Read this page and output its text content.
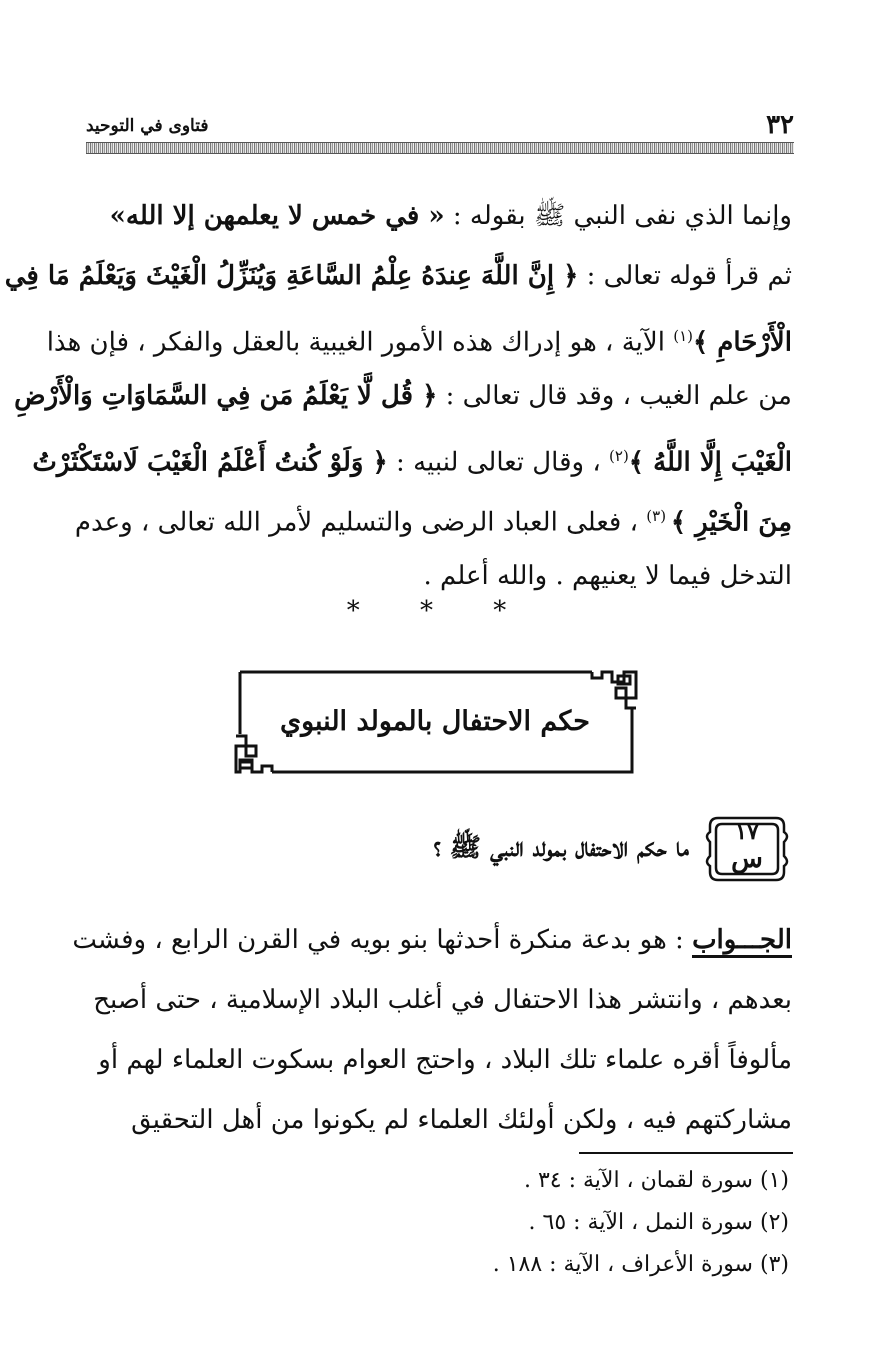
٣٢
فتاوى في التوحيد
وإنما الذي نفى النبي ﷺ بقوله : « في خمس لا يعلمهن إلا الله»
ثم قرأ قوله تعالى : ﴿ إِنَّ اللَّهَ عِندَهُ عِلْمُ السَّاعَةِ وَيُنَزِّلُ الْغَيْثَ وَيَعْلَمُ مَا فِي
الْأَرْحَامِ ﴾$^{(١)}$ الآية ، هو إدراك هذه الأمور الغيبية بالعقل والفكر ، فإن هذا
من علم الغيب ، وقد قال تعالى : ﴿ قُل لَّا يَعْلَمُ مَن فِي السَّمَاوَاتِ وَالْأَرْضِ
الْغَيْبَ إِلَّا اللَّهُ ﴾$^{(٢)}$ ، وقال تعالى لنبيه : ﴿ وَلَوْ كُنتُ أَعْلَمُ الْغَيْبَ لَاسْتَكْثَرْتُ
مِنَ الْخَيْرِ ﴾ $^{(٣)}$ ، فعلى العباد الرضى والتسليم لأمر الله تعالى ، وعدم
التدخل فيما لا يعنيهم . والله أعلم .
* * *
حكم الاحتفال بالمولد النبوي
١٧
س
ما حكم الاحتفال بمولد النبي ﷺ ؟
الجـــواب : هو بدعة منكرة أحدثها بنو بويه في القرن الرابع ، وفشت
بعدهم ، وانتشر هذا الاحتفال في أغلب البلاد الإسلامية ، حتى أصبح
مألوفاً أقره علماء تلك البلاد ، واحتج العوام بسكوت العلماء لهم أو
مشاركتهم فيه ، ولكن أولئك العلماء لم يكونوا من أهل التحقيق
(١) سورة لقمان ، الآية : ٣٤ .
(٢) سورة النمل ، الآية : ٦٥ .
(٣) سورة الأعراف ، الآية : ١٨٨ .
